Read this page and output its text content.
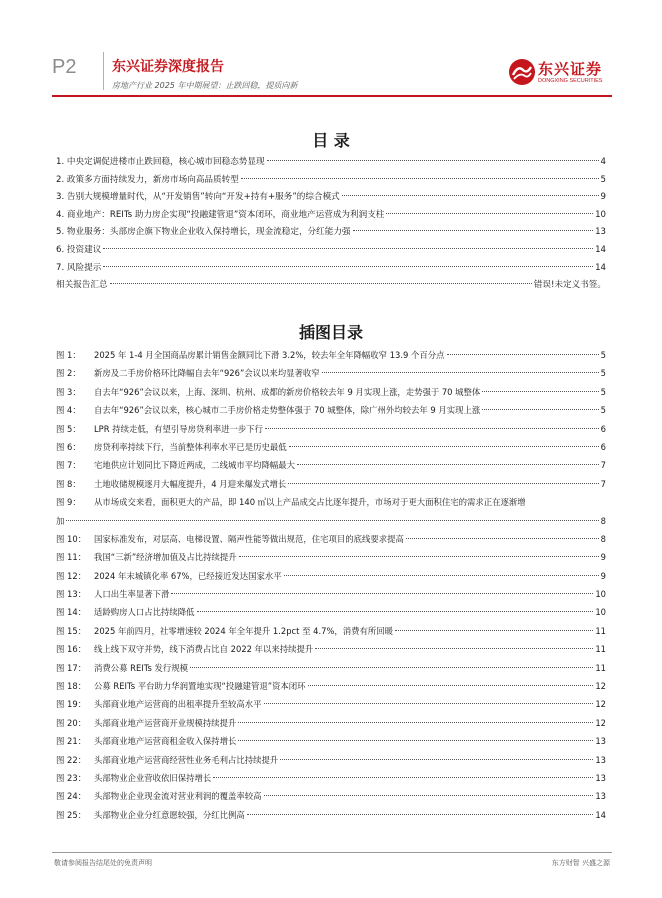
P2	东兴证券深度报告
房地产行业 2025 年中期展望：止跌回稳，提质向新
东兴证券
DONGXING SECURITIES
目 录
1. 中央定调促进楼市止跌回稳，核心城市回稳态势显现	4
2. 政策多方面持续发力，新房市场向高品质转型	5
3. 告别大规模增量时代，从“开发销售”转向“开发+持有+服务”的综合模式	9
4. 商业地产：REITs 助力房企实现“投融建管退”资本闭环，商业地产运营成为利润支柱	10
5. 物业服务：头部房企旗下物业企业收入保持增长，现金流稳定，分红能力强	13
6. 投资建议	14
7. 风险提示	14
相关报告汇总	错误!未定义书签。
插图目录
图 1：	2025 年 1-4 月全国商品房累计销售金额同比下滑 3.2%，较去年全年降幅收窄 13.9 个百分点	5
图 2：	新房及二手房价格环比降幅自去年“926”会议以来均显著收窄	5
图 3：	自去年“926”会议以来，上海、深圳、杭州、成都的新房价格较去年 9 月实现上涨，走势强于 70 城整体	5
图 4：	自去年“926”会议以来，核心城市二手房价格走势整体强于 70 城整体，除广州外均较去年 9 月实现上涨	5
图 5：	LPR 持续走低，有望引导房贷利率进一步下行	6
图 6：	房贷利率持续下行，当前整体利率水平已是历史最低	6
图 7：	宅地供应计划同比下降近两成，二线城市平均降幅最大	7
图 8：	土地收储规模逐月大幅度提升，4 月迎来爆发式增长	7
图 9：	从市场成交来看，面积更大的产品，即 140 ㎡以上产品成交占比逐年提升，市场对于更大面积住宅的需求正在逐渐增
加	8
图 10： 国家标准发布，对层高、电梯设置、隔声性能等做出规范，住宅项目的底线要求提高	8
图 11： 我国“三新”经济增加值及占比持续提升	9
图 12： 2024 年末城镇化率 67%，已经接近发达国家水平	9
图 13： 人口出生率显著下滑	10
图 14： 适龄购房人口占比持续降低	10
图 15： 2025 年前四月，社零增速较 2024 年全年提升 1.2pct 至 4.7%，消费有所回暖	11
图 16： 线上线下双守并势，线下消费占比自 2022 年以来持续提升	11
图 17： 消费公募 REITs 发行规模	11
图 18： 公募 REITs 平台助力华润置地实现“投融建管退”资本闭环	12
图 19： 头部商业地产运营商的出租率提升至较高水平	12
图 20： 头部商业地产运营商开业规模持续提升	12
图 21： 头部商业地产运营商租金收入保持增长	13
图 22： 头部商业地产运营商经营性业务毛利占比持续提升	13
图 23： 头部物业企业营收依旧保持增长	13
图 24： 头部物业企业现金流对营业利润的覆盖率较高	13
图 25： 头部物业企业分红意愿较强，分红比例高	14
敬请参阅报告结尾处的免责声明	东方财智 兴盛之源
